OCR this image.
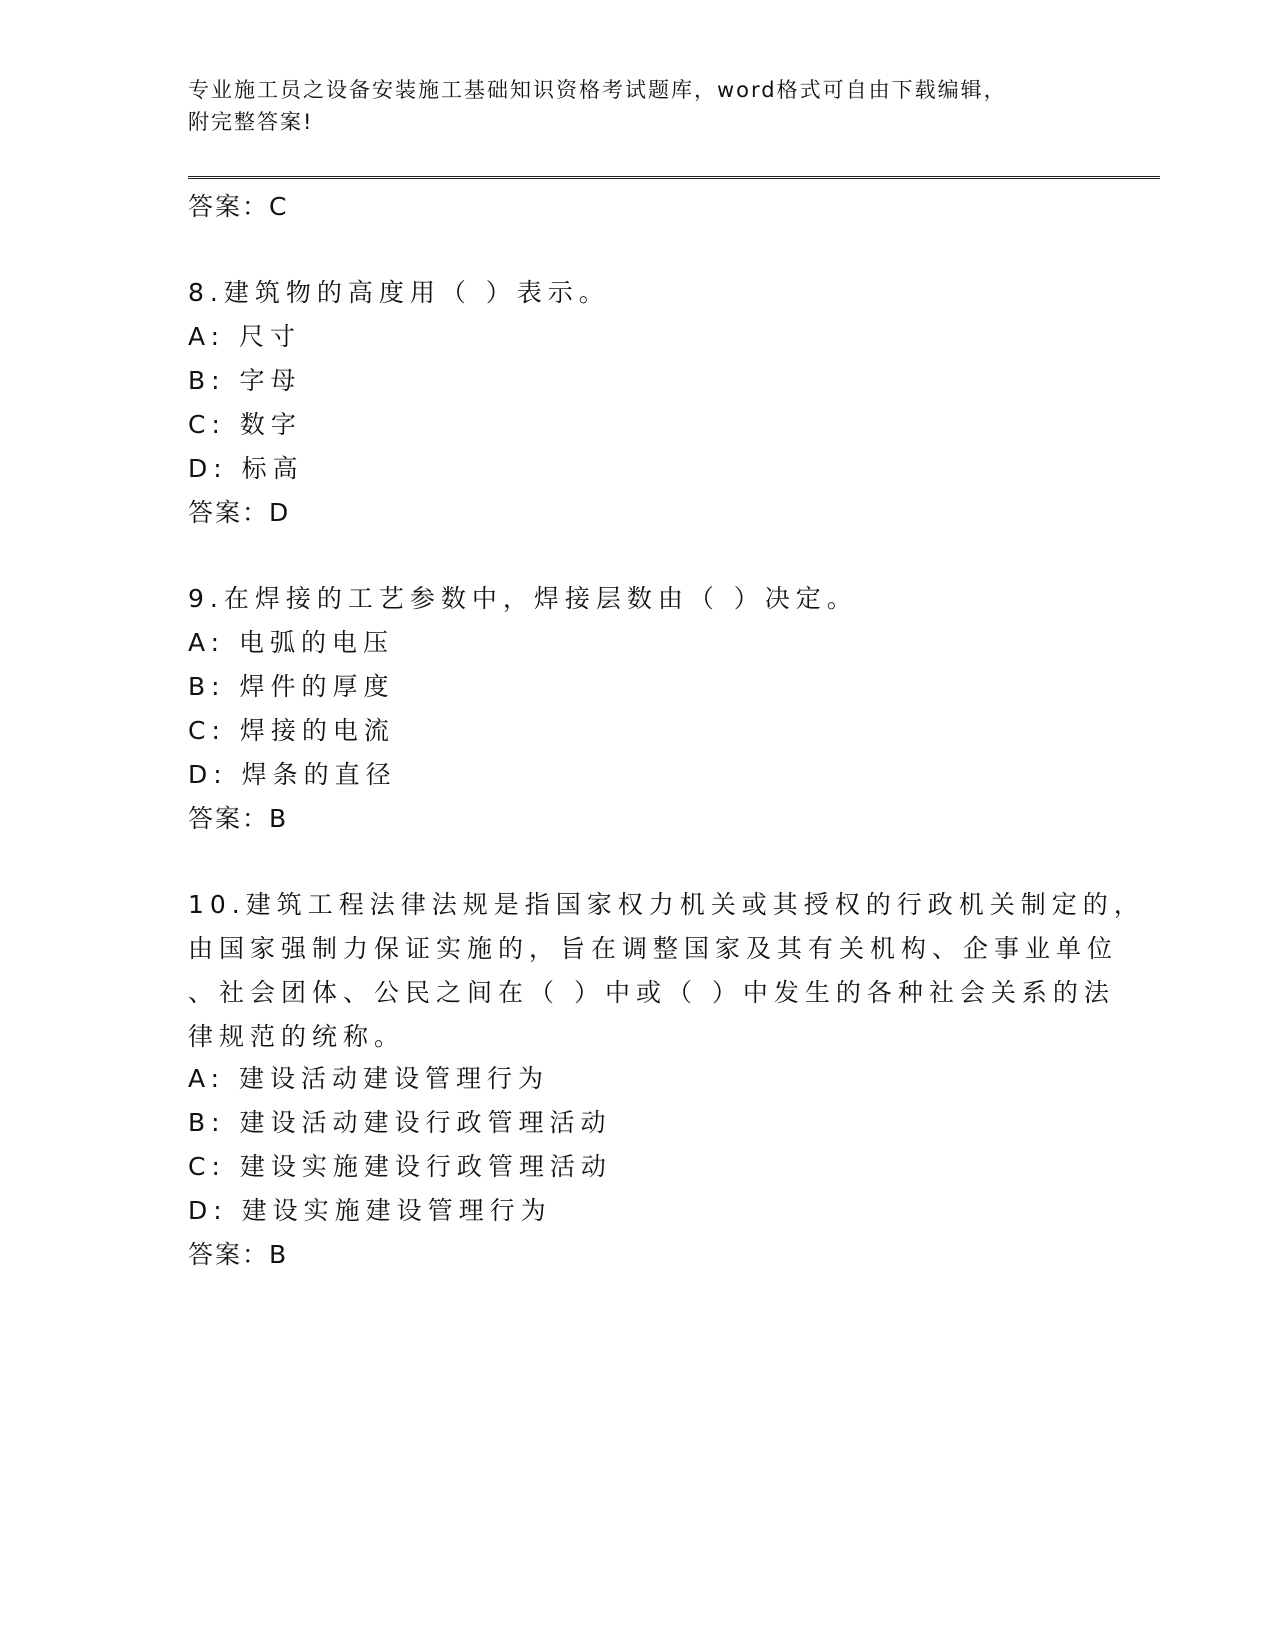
专业施工员之设备安装施工基础知识资格考试题库，word格式可自由下载编辑，
附完整答案!
答案：C
8.建筑物的高度用（ ）表示。
A: 尺寸
B: 字母
C: 数字
D: 标高
答案：D
9.在焊接的工艺参数中，焊接层数由（ ）决定。
A: 电弧的电压
B: 焊件的厚度
C: 焊接的电流
D: 焊条的直径
答案：B
10.建筑工程法律法规是指国家权力机关或其授权的行政机关制定的，
由国家强制力保证实施的，旨在调整国家及其有关机构、企事业单位
、社会团体、公民之间在（ ）中或（ ）中发生的各种社会关系的法
律规范的统称。
A: 建设活动建设管理行为
B: 建设活动建设行政管理活动
C: 建设实施建设行政管理活动
D: 建设实施建设管理行为
答案：B
